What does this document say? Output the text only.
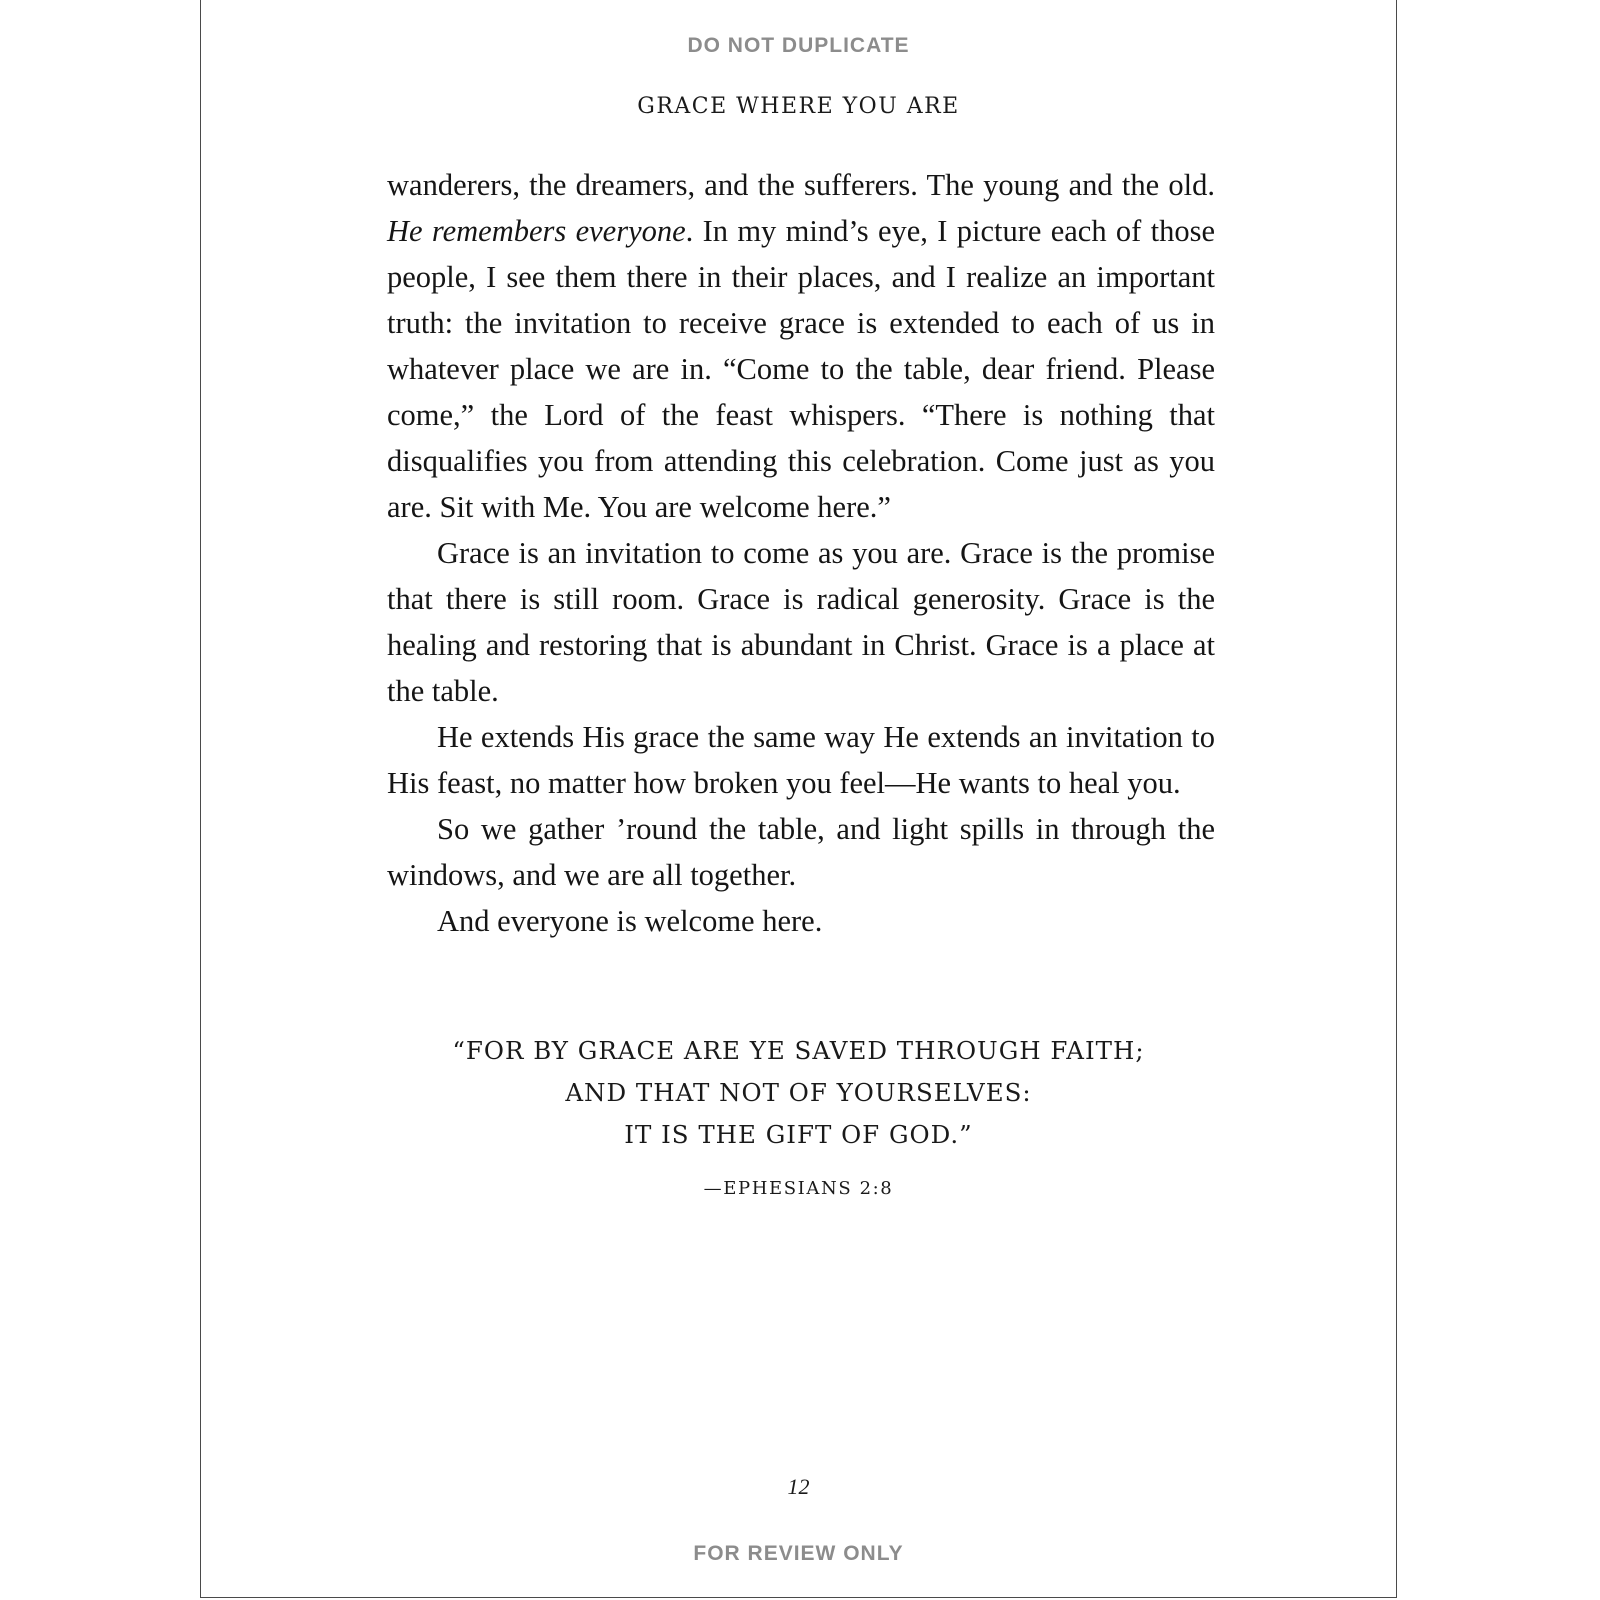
DO NOT DUPLICATE
GRACE WHERE YOU ARE

wanderers, the dreamers, and the sufferers. The young and the old. He remembers everyone. In my mind’s eye, I picture each of those people, I see them there in their places, and I realize an important truth: the invitation to receive grace is extended to each of us in whatever place we are in. “Come to the table, dear friend. Please come,” the Lord of the feast whispers. “There is nothing that disqualifies you from attending this celebration. Come just as you are. Sit with Me. You are welcome here.”

Grace is an invitation to come as you are. Grace is the promise that there is still room. Grace is radical generosity. Grace is the healing and restoring that is abundant in Christ. Grace is a place at the table.

He extends His grace the same way He extends an invitation to His feast, no matter how broken you feel—He wants to heal you.

So we gather ’round the table, and light spills in through the windows, and we are all together.

And everyone is welcome here.

“FOR BY GRACE ARE YE SAVED THROUGH FAITH;
AND THAT NOT OF YOURSELVES:
IT IS THE GIFT OF GOD.”
—EPHESIANS 2:8
12
FOR REVIEW ONLY
